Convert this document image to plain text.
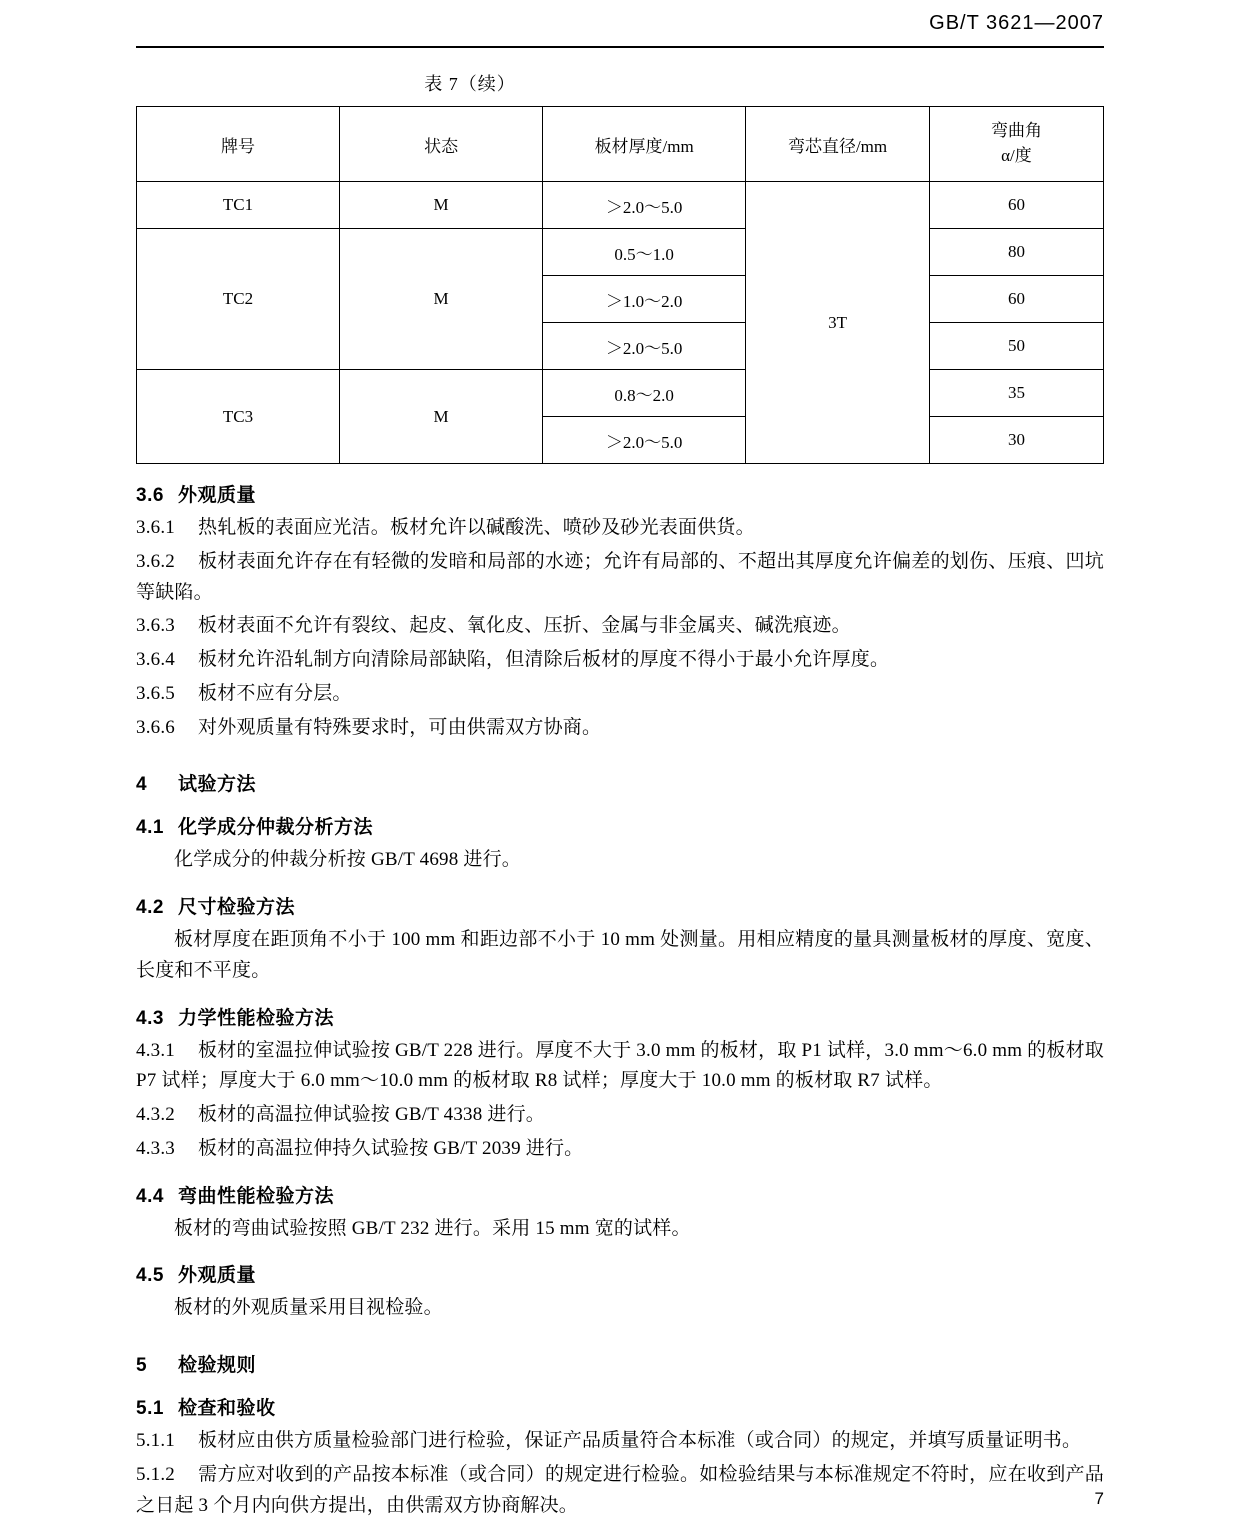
GB/T 3621—2007
表 7（续）
牌号	状态	板材厚度/mm	弯芯直径/mm	弯曲角
α/度

TC1	M	＞2.0～5.0	3T	60
TC2	M	0.5～1.0		80
		＞1.0～2.0		60
		＞2.0～5.0		50
TC3	M	0.8～2.0		35
		＞2.0～5.0		30
3.6 外观质量
3.6.1 热轧板的表面应光洁。板材允许以碱酸洗、喷砂及砂光表面供货。
3.6.2 板材表面允许存在有轻微的发暗和局部的水迹；允许有局部的、不超出其厚度允许偏差的划伤、压痕、凹坑等缺陷。
3.6.3 板材表面不允许有裂纹、起皮、氧化皮、压折、金属与非金属夹、碱洗痕迹。
3.6.4 板材允许沿轧制方向清除局部缺陷，但清除后板材的厚度不得小于最小允许厚度。
3.6.5 板材不应有分层。
3.6.6 对外观质量有特殊要求时，可由供需双方协商。
4 试验方法
4.1 化学成分仲裁分析方法
化学成分的仲裁分析按 GB/T 4698 进行。
4.2 尺寸检验方法
板材厚度在距顶角不小于 100 mm 和距边部不小于 10 mm 处测量。用相应精度的量具测量板材的厚度、宽度、长度和不平度。
4.3 力学性能检验方法
4.3.1 板材的室温拉伸试验按 GB/T 228 进行。厚度不大于 3.0 mm 的板材，取 P1 试样，3.0 mm～6.0 mm 的板材取 P7 试样；厚度大于 6.0 mm～10.0 mm 的板材取 R8 试样；厚度大于 10.0 mm 的板材取 R7 试样。
4.3.2 板材的高温拉伸试验按 GB/T 4338 进行。
4.3.3 板材的高温拉伸持久试验按 GB/T 2039 进行。
4.4 弯曲性能检验方法
板材的弯曲试验按照 GB/T 232 进行。采用 15 mm 宽的试样。
4.5 外观质量
板材的外观质量采用目视检验。
5 检验规则
5.1 检查和验收
5.1.1 板材应由供方质量检验部门进行检验，保证产品质量符合本标准（或合同）的规定，并填写质量证明书。
5.1.2 需方应对收到的产品按本标准（或合同）的规定进行检验。如检验结果与本标准规定不符时，应在收到产品之日起 3 个月内向供方提出，由供需双方协商解决。	7
